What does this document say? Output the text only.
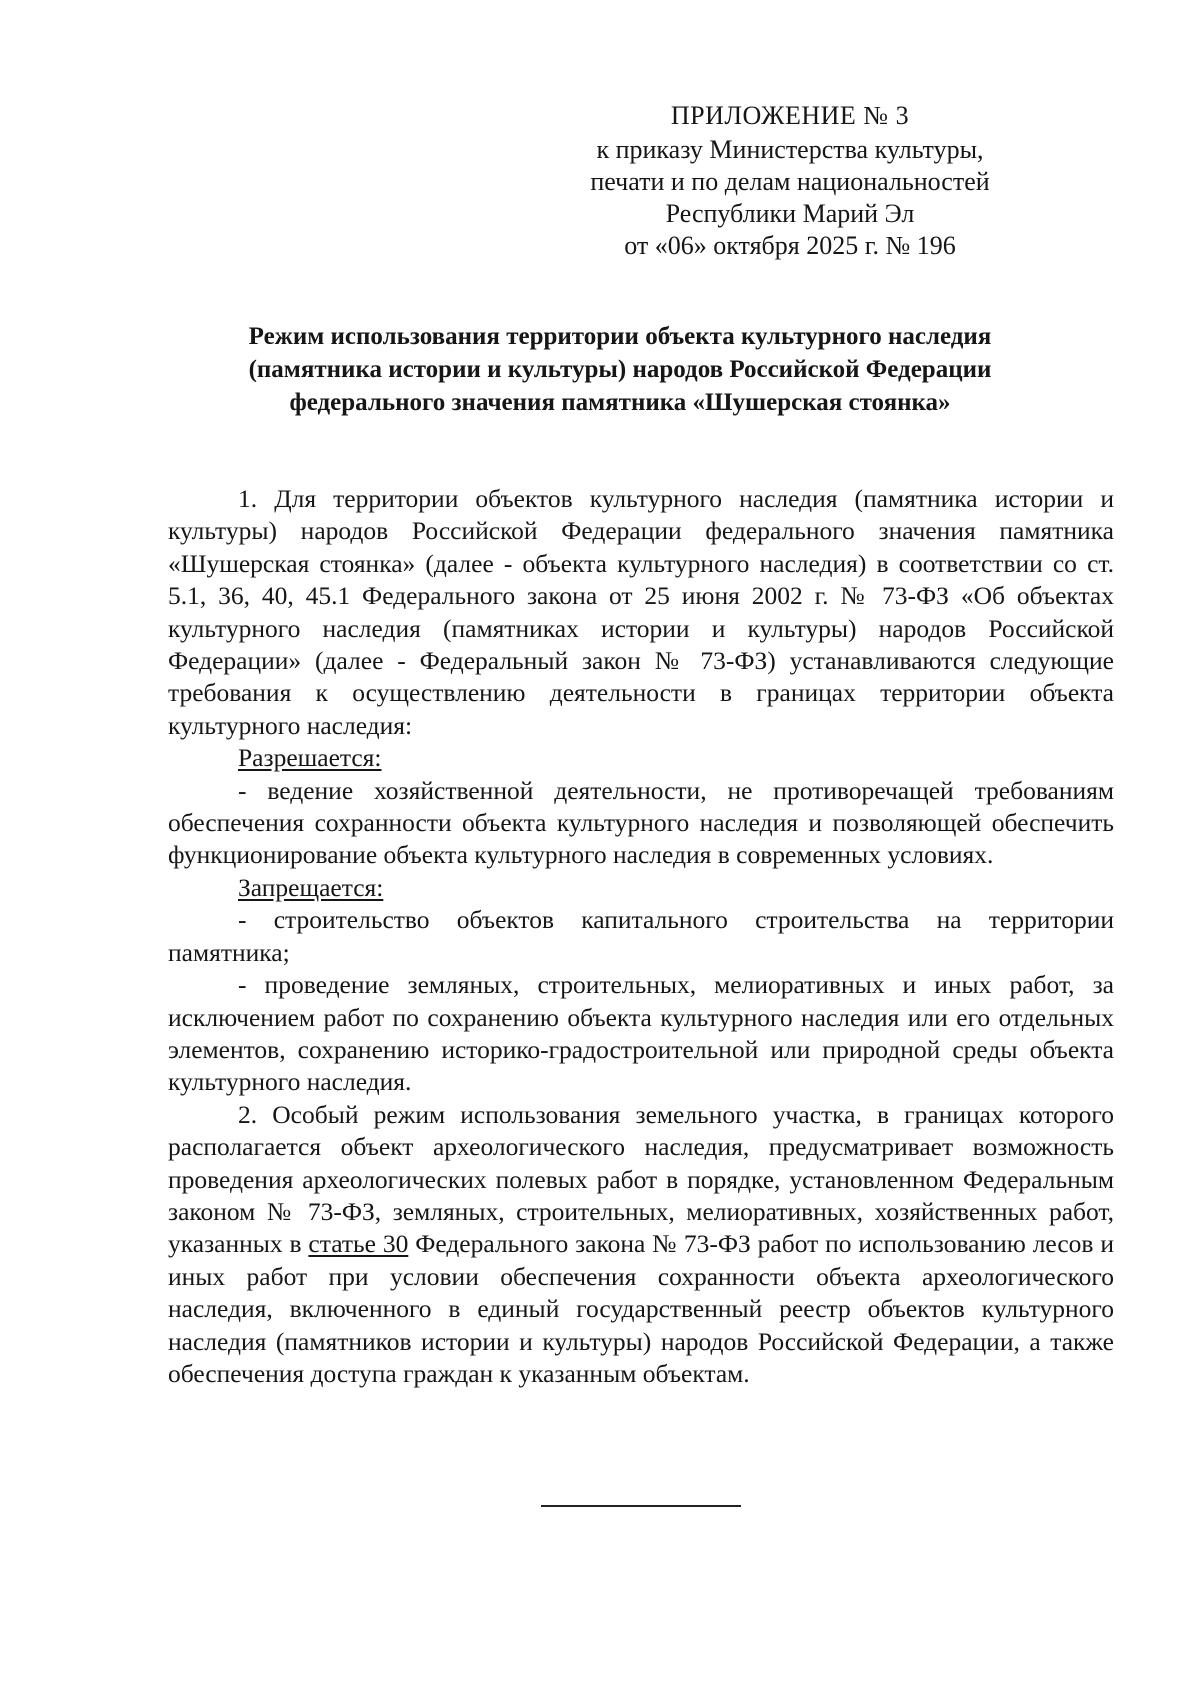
ПРИЛОЖЕНИЕ № 3
к приказу Министерства культуры,
печати и по делам национальностей
Республики Марий Эл
от «06» октября 2025 г. № 196
Режим использования территории объекта культурного наследия
(памятника истории и культуры) народов Российской Федерации
федерального значения памятника «Шушерская стоянка»

1. Для территории объектов культурного наследия (памятника истории и культуры) народов Российской Федерации федерального значения памятника «Шушерская стоянка» (далее - объекта культурного наследия) в соответствии со ст. 5.1, 36, 40, 45.1 Федерального закона от 25 июня 2002 г. № 73-ФЗ «Об объектах культурного наследия (памятниках истории и культуры) народов Российской Федерации» (далее - Федеральный закон № 73-ФЗ) устанавливаются следующие требования к осуществлению деятельности в границах территории объекта культурного наследия:

Разрешается:

- ведение хозяйственной деятельности, не противоречащей требованиям обеспечения сохранности объекта культурного наследия и позволяющей обеспечить функционирование объекта культурного наследия в современных условиях.

Запрещается:

- строительство объектов капитального строительства на территории памятника;

- проведение земляных, строительных, мелиоративных и иных работ, за исключением работ по сохранению объекта культурного наследия или его отдельных элементов, сохранению историко-градостроительной или природной среды объекта культурного наследия.

2. Особый режим использования земельного участка, в границах которого располагается объект археологического наследия, предусматривает возможность проведения археологических полевых работ в порядке, установленном Федеральным законом № 73-ФЗ, земляных, строительных, мелиоративных, хозяйственных работ, указанных в статье 30 Федерального закона № 73-ФЗ работ по использованию лесов и иных работ при условии обеспечения сохранности объекта археологического наследия, включенного в единый государственный реестр объектов культурного наследия (памятников истории и культуры) народов Российской Федерации, а также обеспечения доступа граждан к указанным объектам.
